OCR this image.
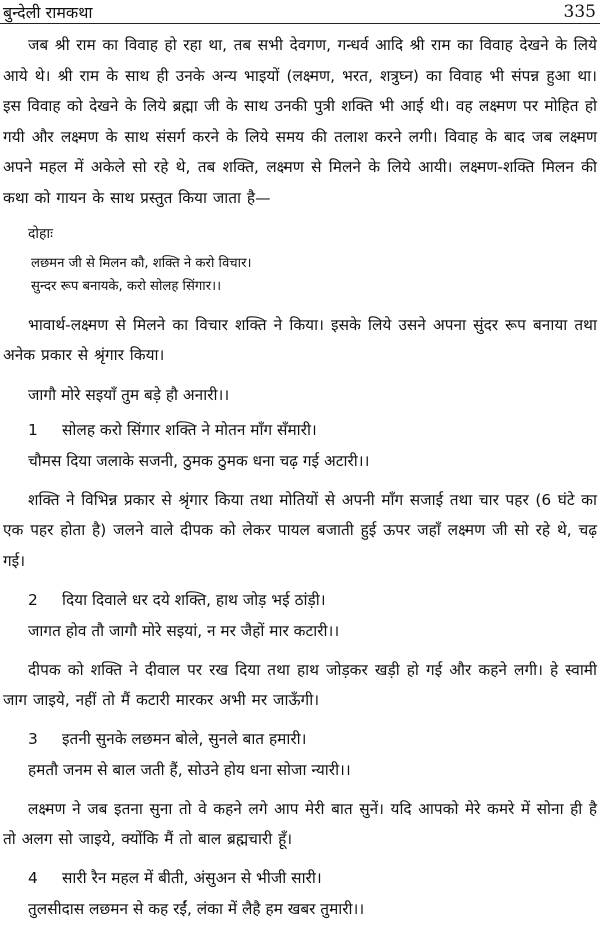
बुन्देली रामकथा	335

जब श्री राम का विवाह हो रहा था, तब सभी देवगण, गन्धर्व आदि श्री राम का विवाह देखने के लिये आये थे। श्री राम के साथ ही उनके अन्य भाइयों (लक्ष्मण, भरत, शत्रुघ्न) का विवाह भी संपन्न हुआ था। इस विवाह को देखने के लिये ब्रह्मा जी के साथ उनकी पुत्री शक्ति भी आई थी। वह लक्ष्मण पर मोहित हो गयी और लक्ष्मण के साथ संसर्ग करने के लिये समय की तलाश करने लगी। विवाह के बाद जब लक्ष्मण अपने महल में अकेले सो रहे थे, तब शक्ति, लक्ष्मण से मिलने के लिये आयी। लक्ष्मण-शक्ति मिलन की कथा को गायन के साथ प्रस्तुत किया जाता है—

दोहाः
लछमन जी से मिलन कौ, शक्ति ने करो विचार।
सुन्दर रूप बनायके, करो सोलह सिंगार।।

भावार्थ-लक्ष्मण से मिलने का विचार शक्ति ने किया। इसके लिये उसने अपना सुंदर रूप बनाया तथा अनेक प्रकार से श्रृंगार किया।

जागौ मोरे सइयाँ तुम बड़े हौ अनारी।।
1 सोलह करो सिंगार शक्ति ने मोतन माँग सँमारी।
चौमस दिया जलाके सजनी, ठुमक ठुमक धना चढ़ गई अटारी।।

शक्ति ने विभिन्न प्रकार से श्रृंगार किया तथा मोतियों से अपनी माँग सजाई तथा चार पहर (6 घंटे का एक पहर होता है) जलने वाले दीपक को लेकर पायल बजाती हुई ऊपर जहाँ लक्ष्मण जी सो रहे थे, चढ़ गई।

2 दिया दिवाले धर दये शक्ति, हाथ जोड़ भई ठांड़ी।
जागत होव तौ जागौ मोरे सइयां, न मर जैहों मार कटारी।।

दीपक को शक्ति ने दीवाल पर रख दिया तथा हाथ जोड़कर खड़ी हो गई और कहने लगी। हे स्वामी जाग जाइये, नहीं तो मैं कटारी मारकर अभी मर जाऊँगी।

3 इतनी सुनके लछमन बोले, सुनले बात हमारी।
हमतौ जनम से बाल जती हैं, सोउने होय धना सोजा न्यारी।।

लक्ष्मण ने जब इतना सुना तो वे कहने लगे आप मेरी बात सुनें। यदि आपको मेरे कमरे में सोना ही है तो अलग सो जाइये, क्योंकि मैं तो बाल ब्रह्मचारी हूँ।

4 सारी रैन महल में बीती, अंसुअन से भीजी सारी।
तुलसीदास लछमन से कह रईं, लंका में लैहै हम खबर तुमारी।।
